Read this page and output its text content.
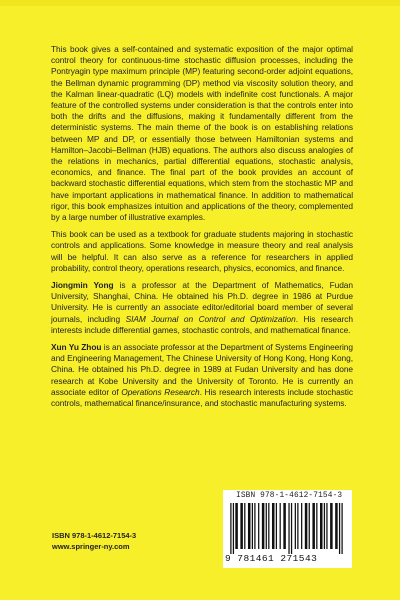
This book gives a self-contained and systematic exposition of the major optimal control theory for continuous-time stochastic diffusion processes, including the Pontryagin type maximum principle (MP) featuring second-order adjoint equations, the Bellman dynamic programming (DP) method via viscosity solution theory, and the Kalman linear-quadratic (LQ) models with indefinite cost functionals. A major feature of the controlled systems under consideration is that the controls enter into both the drifts and the diffusions, making it fundamentally different from the deterministic systems. The main theme of the book is on establishing relations between MP and DP, or essentially those between Hamiltonian systems and Hamilton–Jacobi–Bellman (HJB) equations. The authors also discuss analogies of the relations in mechanics, partial differential equations, stochastic analysis, economics, and finance. The final part of the book provides an account of backward stochastic differential equations, which stem from the stochastic MP and have important applications in mathematical finance. In addition to mathematical rigor, this book emphasizes intuition and applications of the theory, complemented by a large number of illustrative examples.

This book can be used as a textbook for graduate students majoring in stochastic controls and applications. Some knowledge in measure theory and real analysis will be helpful. It can also serve as a reference for researchers in applied probability, control theory, operations research, physics, economics, and finance.

Jiongmin Yong is a professor at the Department of Mathematics, Fudan University, Shanghai, China. He obtained his Ph.D. degree in 1986 at Purdue University. He is currently an associate editor/editorial board member of several journals, including SIAM Journal on Control and Optimization. His research interests include differential games, stochastic controls, and mathematical finance.

Xun Yu Zhou is an associate professor at the Department of Systems Engineering and Engineering Management, The Chinese University of Hong Kong, Hong Kong, China. He obtained his Ph.D. degree in 1989 at Fudan University and has done research at Kobe University and the University of Toronto. He is currently an associate editor of Operations Research. His research interests include stochastic controls, mathematical finance/insurance, and stochastic manufacturing systems.

ISBN 978-1-4612-7154-3
www.springer-ny.com
ISBN 978-1-4612-7154-3
9 781461 271543
